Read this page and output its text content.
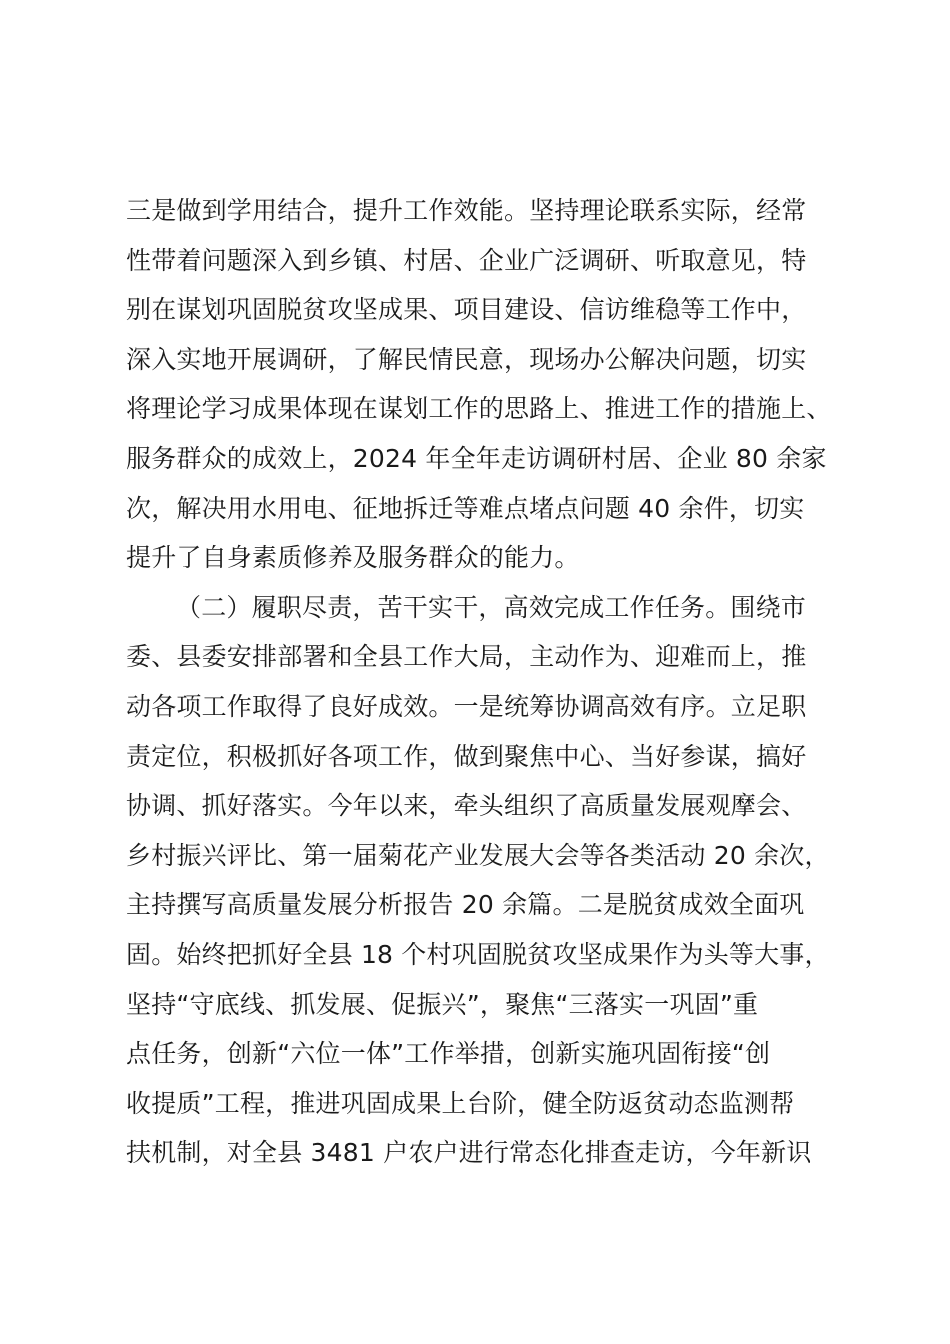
三是做到学用结合，提升工作效能。坚持理论联系实际，经常
性带着问题深入到乡镇、村居、企业广泛调研、听取意见，特
别在谋划巩固脱贫攻坚成果、项目建设、信访维稳等工作中，
深入实地开展调研，了解民情民意，现场办公解决问题，切实
将理论学习成果体现在谋划工作的思路上、推进工作的措施上、
服务群众的成效上，2024 年全年走访调研村居、企业 80 余家
次，解决用水用电、征地拆迁等难点堵点问题 40 余件，切实
提升了自身素质修养及服务群众的能力。
（二）履职尽责，苦干实干，高效完成工作任务。围绕市
委、县委安排部署和全县工作大局，主动作为、迎难而上，推
动各项工作取得了良好成效。一是统筹协调高效有序。立足职
责定位，积极抓好各项工作，做到聚焦中心、当好参谋，搞好
协调、抓好落实。今年以来，牵头组织了高质量发展观摩会、
乡村振兴评比、第一届菊花产业发展大会等各类活动 20 余次，
主持撰写高质量发展分析报告 20 余篇。二是脱贫成效全面巩
固。始终把抓好全县 18 个村巩固脱贫攻坚成果作为头等大事，
坚持“守底线、抓发展、促振兴”，聚焦“三落实一巩固”重
点任务，创新“六位一体”工作举措，创新实施巩固衔接“创
收提质”工程，推进巩固成果上台阶，健全防返贫动态监测帮
扶机制，对全县 3481 户农户进行常态化排查走访，今年新识
